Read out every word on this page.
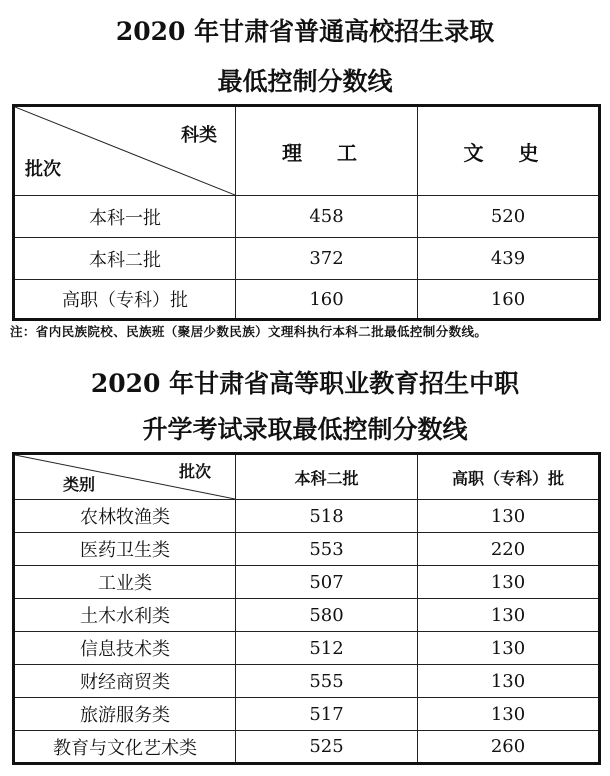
2020 年甘肃省普通高校招生录取
最低控制分数线
科类
批次	理 工	文 史
本科一批	458	520
本科二批	372	439
高职（专科）批	160	160
注：省内民族院校、民族班（聚居少数民族）文理科执行本科二批最低控制分数线。
2020 年甘肃省高等职业教育招生中职
升学考试录取最低控制分数线
批次
类别	本科二批	高职（专科）批
农林牧渔类	518	130
医药卫生类	553	220
工业类	507	130
土木水利类	580	130
信息技术类	512	130
财经商贸类	555	130
旅游服务类	517	130
教育与文化艺术类	525	260
